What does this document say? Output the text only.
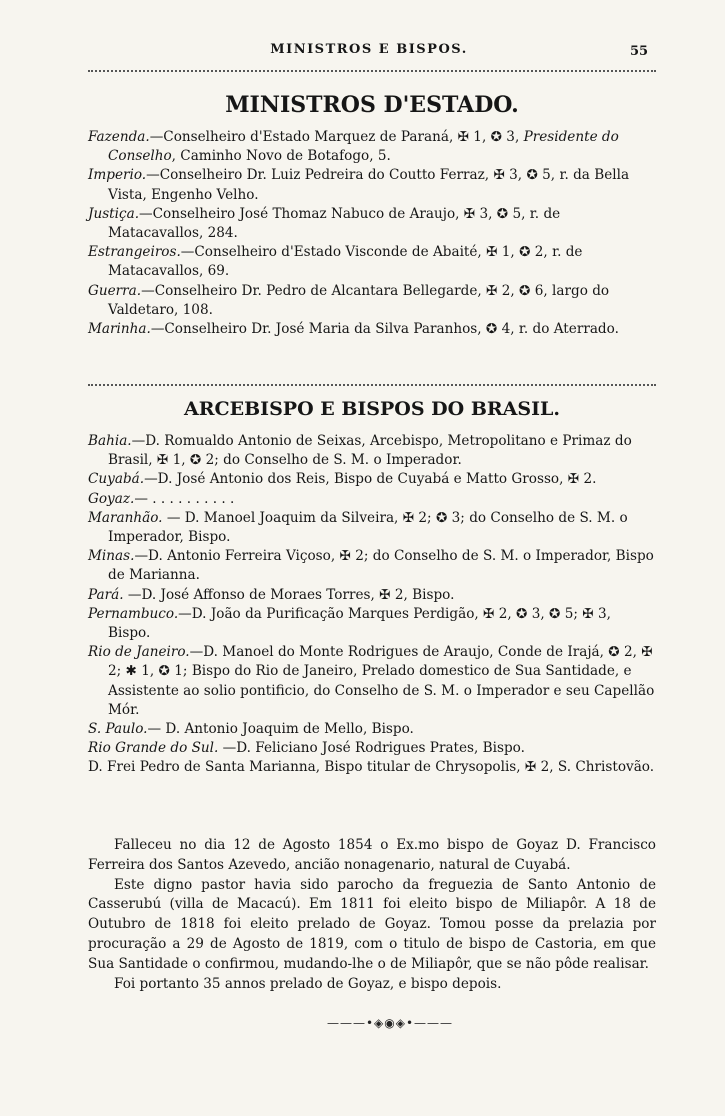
MINISTROS E BISPOS.	55
MINISTROS D'ESTADO.

Fazenda.—Conselheiro d'Estado Marquez de Paraná, ✠ 1, ✪ 3, Presidente do Conselho, Caminho Novo de Botafogo, 5.

Imperio.—Conselheiro Dr. Luiz Pedreira do Coutto Ferraz, ✠ 3, ✪ 5, r. da Bella Vista, Engenho Velho.

Justiça.—Conselheiro José Thomaz Nabuco de Araujo, ✠ 3, ✪ 5, r. de Matacavallos, 284.

Estrangeiros.—Conselheiro d'Estado Visconde de Abaité, ✠ 1, ✪ 2, r. de Matacavallos, 69.

Guerra.—Conselheiro Dr. Pedro de Alcantara Bellegarde, ✠ 2, ✪ 6, largo do Valdetaro, 108.

Marinha.—Conselheiro Dr. José Maria da Silva Paranhos, ✪ 4, r. do Aterrado.

ARCEBISPO E BISPOS DO BRASIL.

Bahia.—D. Romualdo Antonio de Seixas, Arcebispo, Metropolitano e Primaz do Brasil, ✠ 1, ✪ 2; do Conselho de S. M. o Imperador.

Cuyabá.—D. José Antonio dos Reis, Bispo de Cuyabá e Matto Grosso, ✠ 2.

Goyaz.— . . . . . . . . . .

Maranhão. — D. Manoel Joaquim da Silveira, ✠ 2; ✪ 3; do Conselho de S. M. o Imperador, Bispo.

Minas.—D. Antonio Ferreira Viçoso, ✠ 2; do Conselho de S. M. o Imperador, Bispo de Marianna.

Pará. —D. José Affonso de Moraes Torres, ✠ 2, Bispo.

Pernambuco.—D. João da Purificação Marques Perdigão, ✠ 2, ✪ 3, ✪ 5; ✠ 3, Bispo.

Rio de Janeiro.—D. Manoel do Monte Rodrigues de Araujo, Conde de Irajá, ✪ 2, ✠ 2; ✱ 1, ✪ 1; Bispo do Rio de Janeiro, Prelado domestico de Sua Santidade, e Assistente ao solio pontificio, do Conselho de S. M. o Imperador e seu Capellão Mór.

S. Paulo.— D. Antonio Joaquim de Mello, Bispo.

Rio Grande do Sul. —D. Feliciano José Rodrigues Prates, Bispo.

D. Frei Pedro de Santa Marianna, Bispo titular de Chrysopolis, ✠ 2, S. Christovão.

Falleceu no dia 12 de Agosto 1854 o Ex.mo bispo de Goyaz D. Francisco Ferreira dos Santos Azevedo, ancião nonagenario, natural de Cuyabá.

Este digno pastor havia sido parocho da freguezia de Santo Antonio de Casserubú (villa de Macacú). Em 1811 foi eleito bispo de Miliapôr. A 18 de Outubro de 1818 foi eleito prelado de Goyaz. Tomou posse da prelazia por procuração a 29 de Agosto de 1819, com o titulo de bispo de Castoria, em que Sua Santidade o confirmou, mudando-lhe o de Miliapôr, que se não pôde realisar.

Foi portanto 35 annos prelado de Goyaz, e bispo depois.

———•◈◉◈•———
